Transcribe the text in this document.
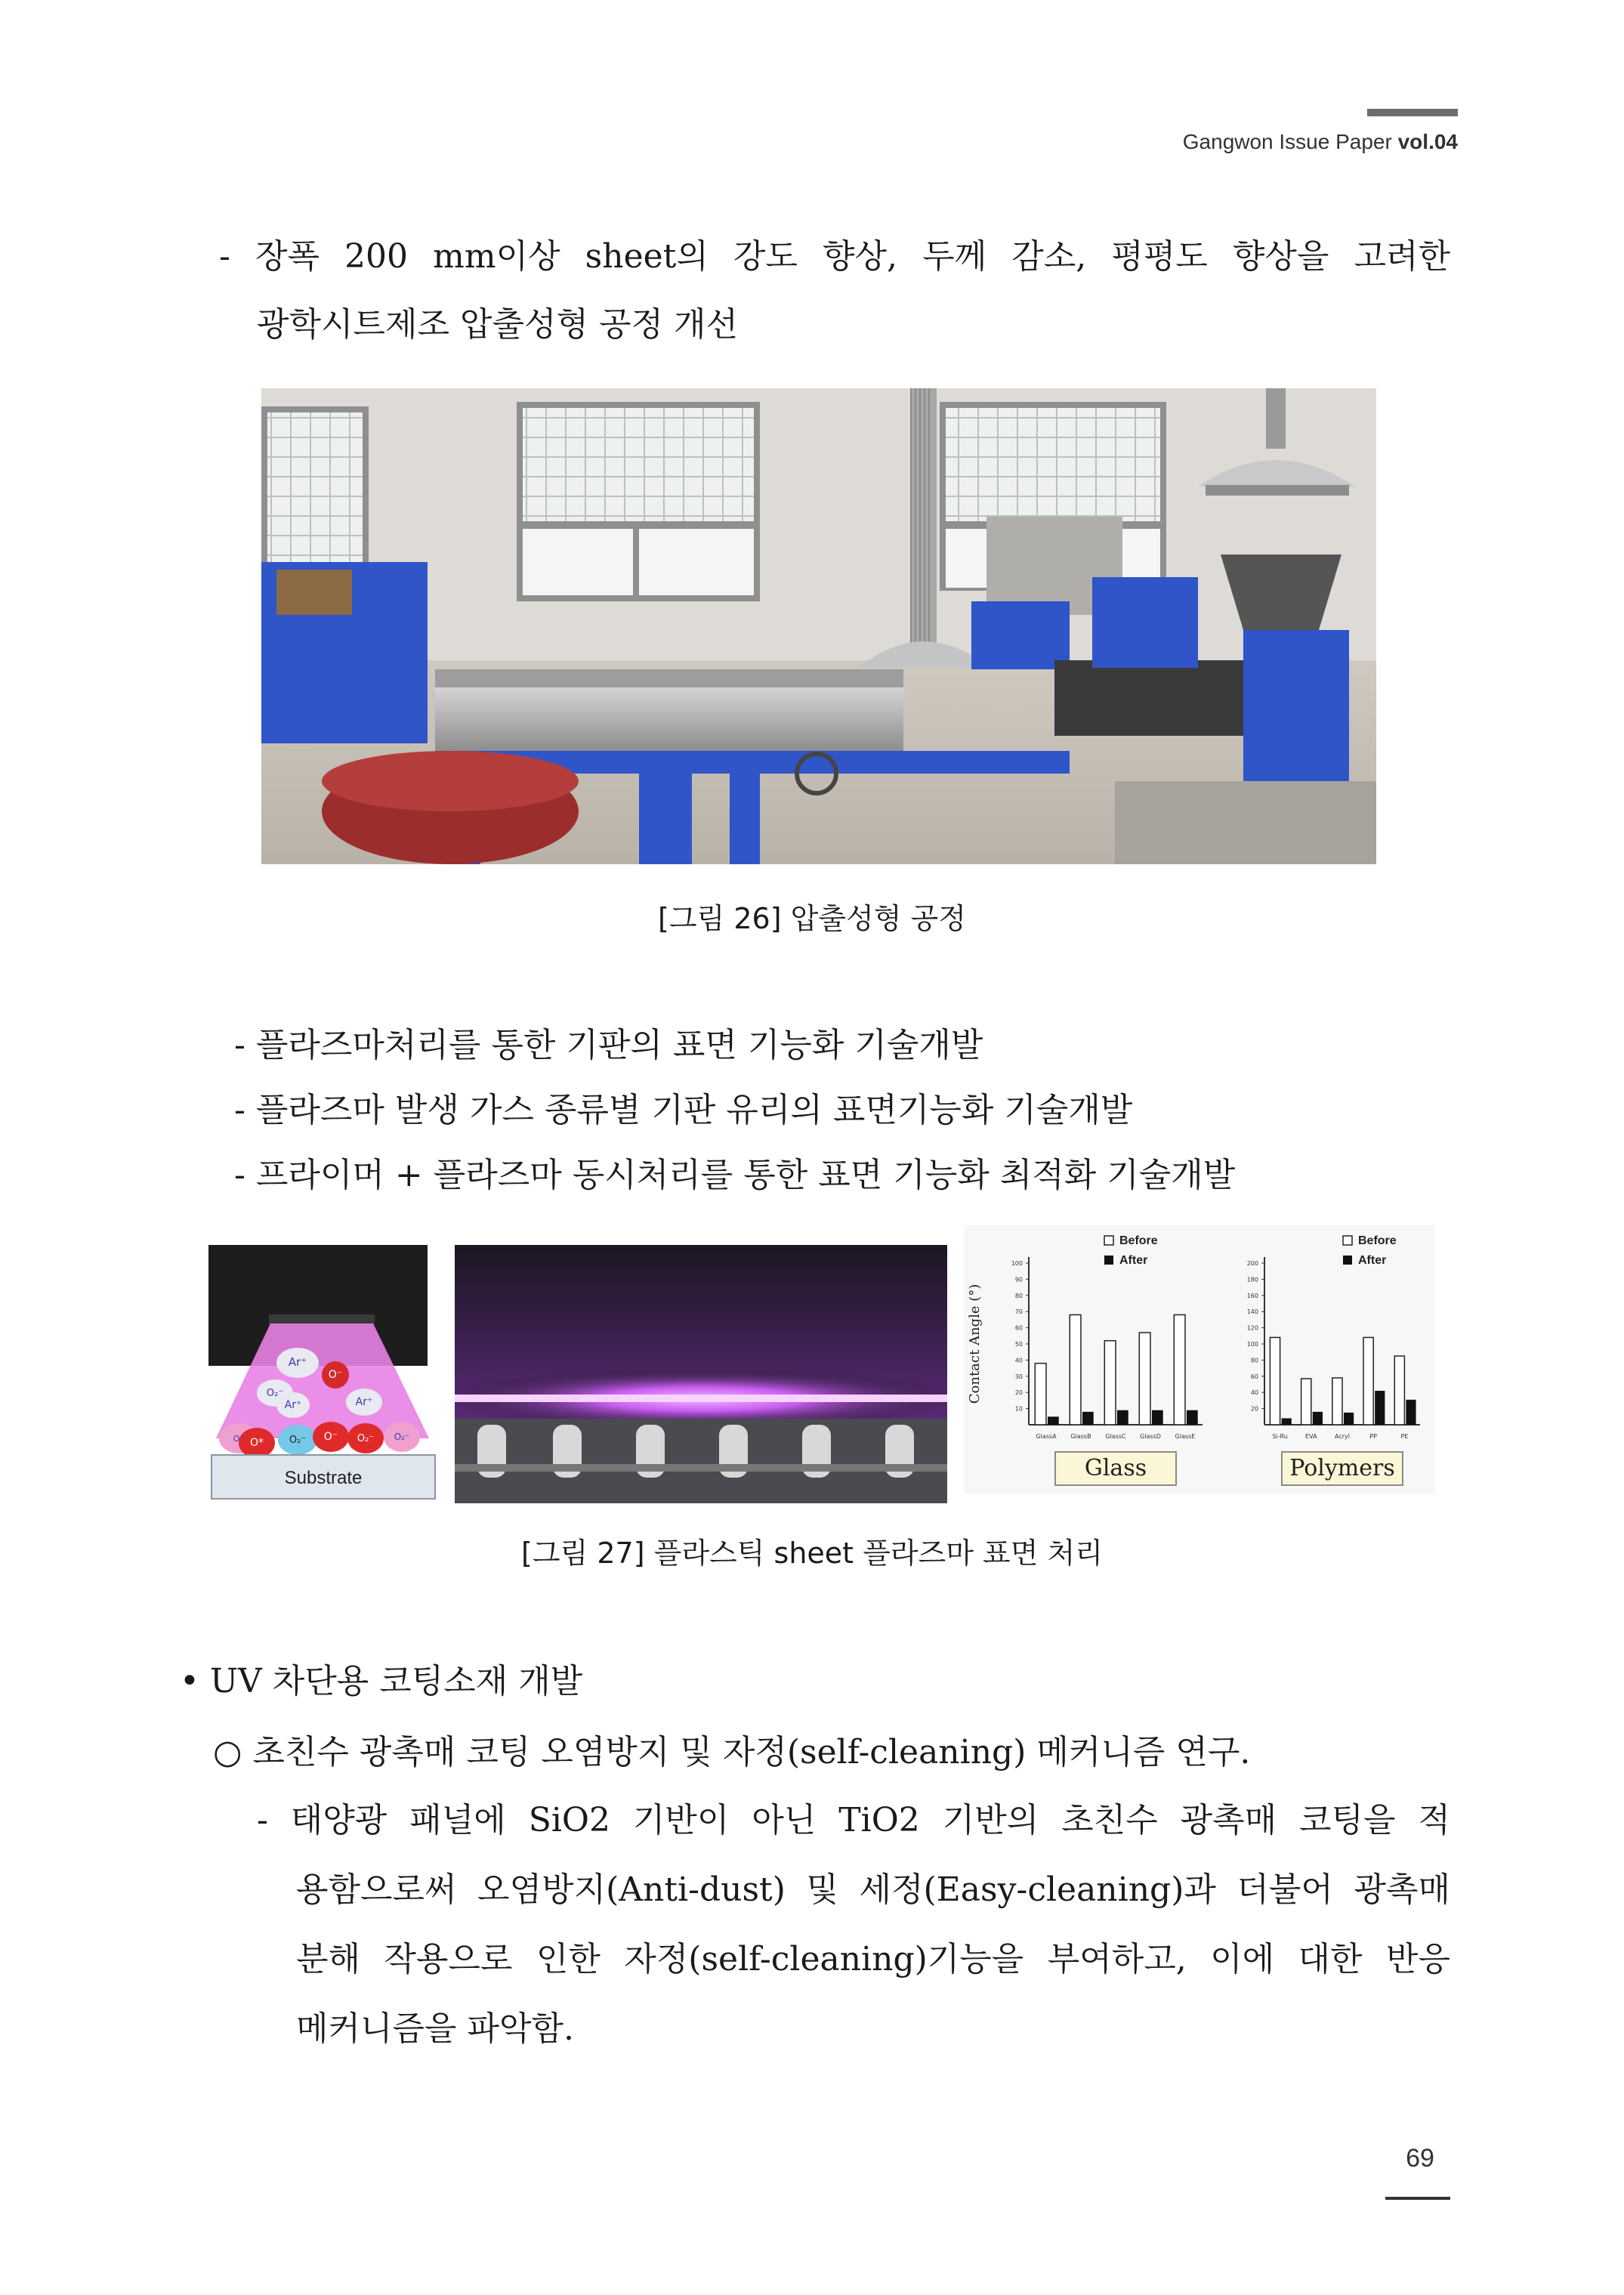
Gangwon Issue Paper vol.04
- 장폭 200 mm이상 sheet의 강도 향상, 두께 감소, 평평도 향상을 고려한
광학시트제조 압출성형 공정 개선
[그림 26] 압출성형 공정
- 플라즈마처리를 통한 기판의 표면 기능화 기술개발
- 플라즈마 발생 가스 종류별 기판 유리의 표면기능화 기술개발
- 프라이머 + 플라즈마 동시처리를 통한 표면 기능화 최적화 기술개발
Ar⁺
O⁻
O₂⁻
Ar⁺
Ar⁺
O*	O₂⁻ O⁻ O₂⁻
O⁺	O₂⁻
Substrate
100
90
80
70
60
50
40
30
20
10
Contact Angle (°)
GlassA GlassB GlassC GlassD GlassE
Before
After
Glass
200
180
160
140
120
100
80
60
40
20
Si-Ru	EVA	Acryl	PP	PE
Before
After
Polymers
[그림 27] 플라스틱 sheet 플라즈마 표면 처리
• UV 차단용 코팅소재 개발
○ 초친수 광촉매 코팅 오염방지 및 자정(self-cleaning) 메커니즘 연구.
- 태양광 패널에 SiO2 기반이 아닌 TiO2 기반의 초친수 광촉매 코팅을 적
용함으로써 오염방지(Anti-dust) 및 세정(Easy-cleaning)과 더불어 광촉매
분해 작용으로 인한 자정(self-cleaning)기능을 부여하고, 이에 대한 반응
메커니즘을 파악함.
69
